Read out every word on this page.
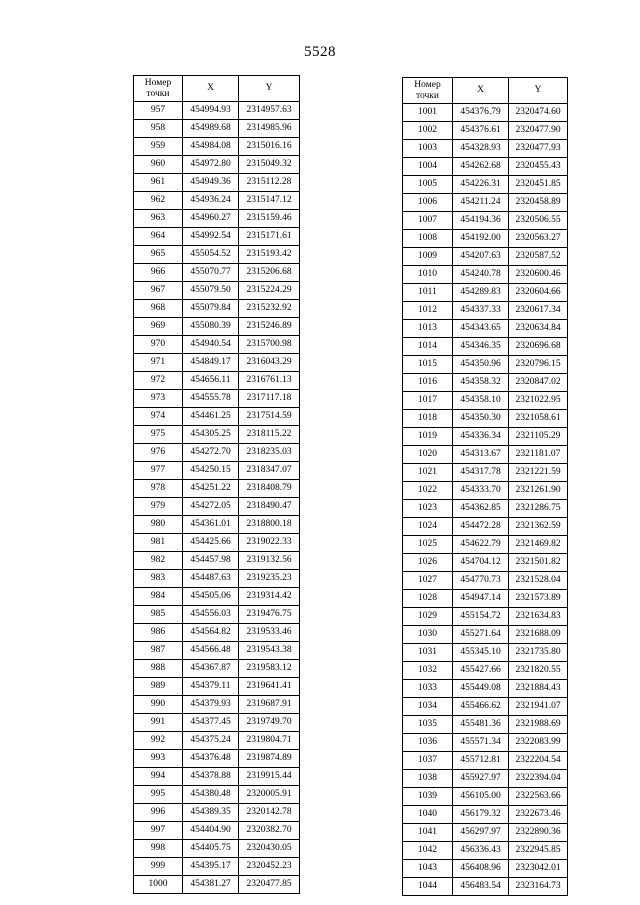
5528
Номер
точки	X	Y
957	454994.93	2314957.63
958	454989.68	2314985.96
959	454984.08	2315016.16
960	454972.80	2315049.32
961	454949.36	2315112.28
962	454936.24	2315147.12
963	454960.27	2315159.46
964	454992.54	2315171.61
965	455054.52	2315193.42
966	455070.77	2315206.68
967	455079.50	2315224.29
968	455079.84	2315232.92
969	455080.39	2315246.89
970	454940.54	2315700.98
971	454849.17	2316043.29
972	454656.11	2316761.13
973	454555.78	2317117.18
974	454461.25	2317514.59
975	454305.25	2318115.22
976	454272.70	2318235.03
977	454250.15	2318347.07
978	454251.22	2318408.79
979	454272.05	2318490.47
980	454361.01	2318800.18
981	454425.66	2319022.33
982	454457.98	2319132.56
983	454487.63	2319235.23
984	454505.06	2319314.42
985	454556.03	2319476.75
986	454564.82	2319533.46
987	454566.48	2319543.38
988	454367.87	2319583.12
989	454379.11	2319641.41
990	454379.93	2319687.91
991	454377.45	2319749.70
992	454375.24	2319804.71
993	454376.48	2319874.89
994	454378.88	2319915.44
995	454380.48	2320005.91
996	454389.35	2320142.78
997	454404.90	2320382.70
998	454405.75	2320430.05
999	454395.17	2320452.23
1000	454381.27	2320477.85
Номер
точки	X	Y
1001	454376.79	2320474.60
1002	454376.61	2320477.90
1003	454328.93	2320477.93
1004	454262.68	2320455.43
1005	454226.31	2320451.85
1006	454211.24	2320458.89
1007	454194.36	2320506.55
1008	454192.00	2320563.27
1009	454207.63	2320587.52
1010	454240.78	2320600.46
1011	454289.83	2320604.66
1012	454337.33	2320617.34
1013	454343.65	2320634.84
1014	454346.35	2320696.68
1015	454350.96	2320796.15
1016	454358.32	2320847.02
1017	454358.10	2321022.95
1018	454350.30	2321058.61
1019	454336.34	2321105.29
1020	454313.67	2321181.07
1021	454317.78	2321221.59
1022	454333.70	2321261.90
1023	454362.85	2321286.75
1024	454472.28	2321362.59
1025	454622.79	2321469.82
1026	454704.12	2321501.82
1027	454770.73	2321528.04
1028	454947.14	2321573.89
1029	455154.72	2321634.83
1030	455271.64	2321688.09
1031	455345.10	2321735.80
1032	455427.66	2321820.55
1033	455449.08	2321884.43
1034	455466.62	2321941.07
1035	455481.36	2321988.69
1036	455571.34	2322083.99
1037	455712.81	2322204.54
1038	455927.97	2322394.04
1039	456105.00	2322563.66
1040	456179.32	2322673.46
1041	456297.97	2322890.36
1042	456336.43	2322945.85
1043	456408.96	2323042.01
1044	456483.54	2323164.73
